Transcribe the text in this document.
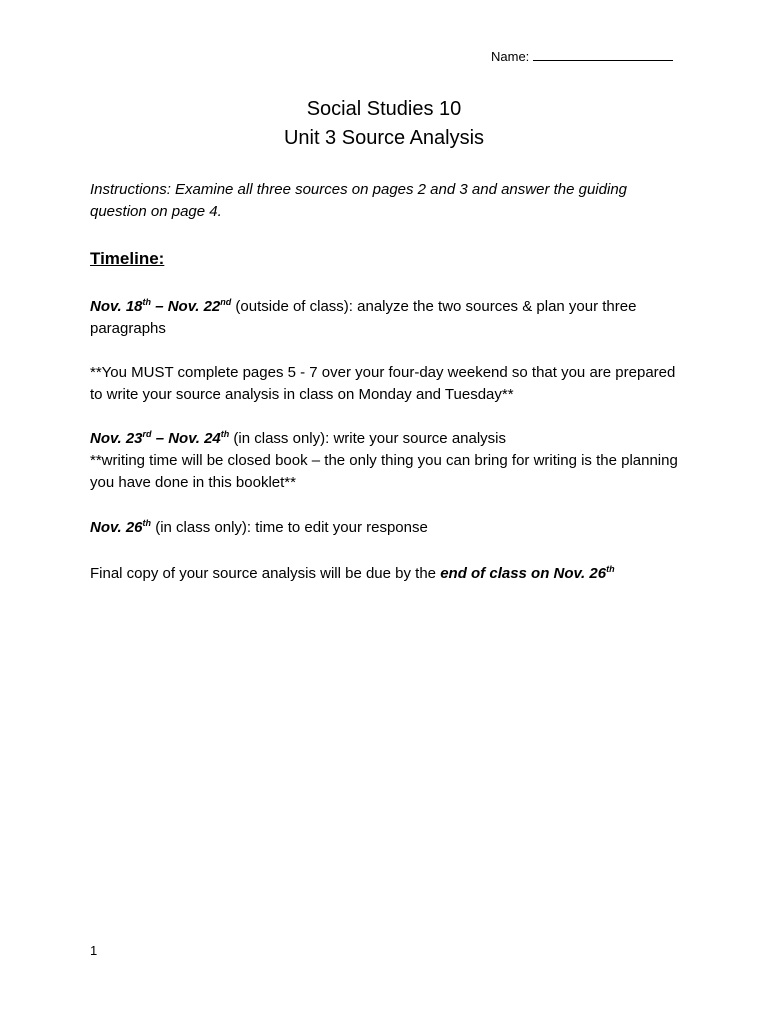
Name:
Social Studies 10
Unit 3 Source Analysis
Instructions: Examine all three sources on pages 2 and 3 and answer the guiding question on page 4.
Timeline:
Nov. 18th – Nov. 22nd (outside of class): analyze the two sources & plan your three paragraphs
**You MUST complete pages 5 - 7 over your four-day weekend so that you are prepared to write your source analysis in class on Monday and Tuesday**
Nov. 23rd – Nov. 24th (in class only): write your source analysis
**writing time will be closed book – the only thing you can bring for writing is the planning you have done in this booklet**
Nov. 26th (in class only): time to edit your response
Final copy of your source analysis will be due by the end of class on Nov. 26th
1
